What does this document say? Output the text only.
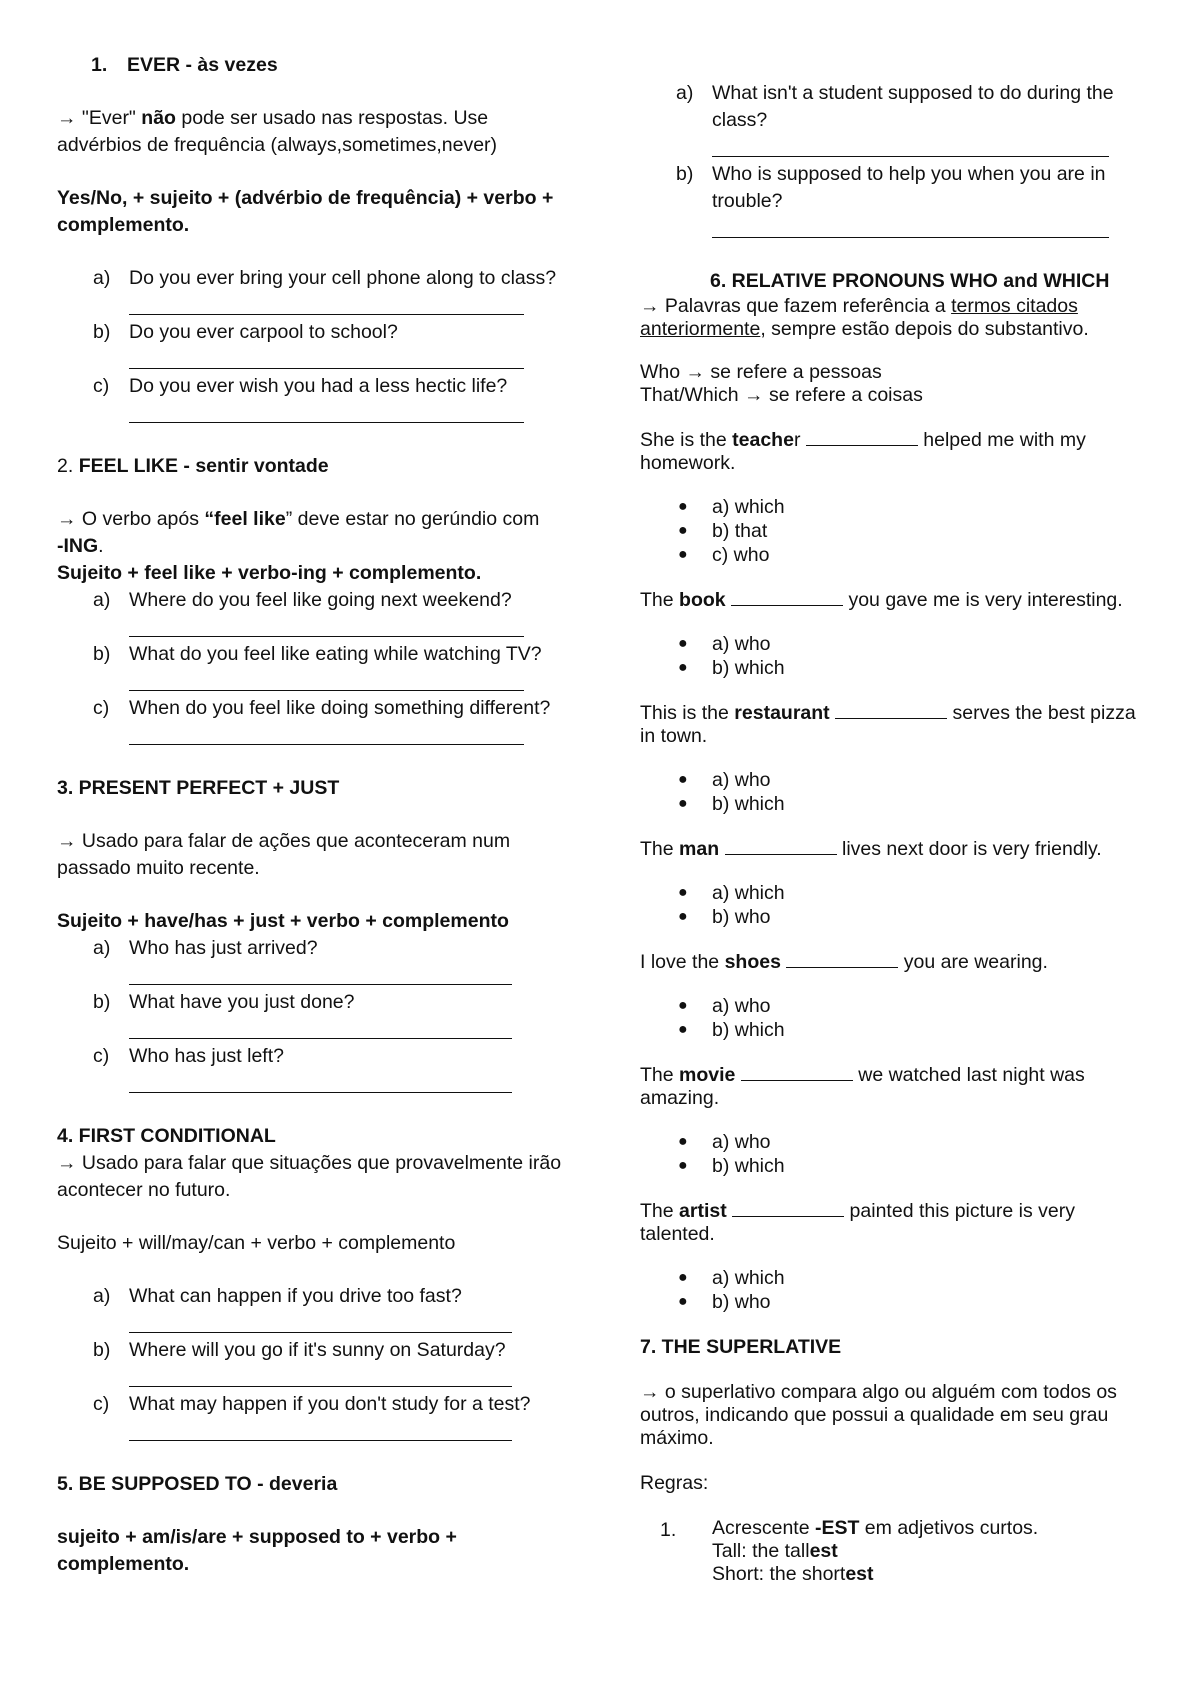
1.	EVER - às vezes

→ "Ever" não pode ser usado nas respostas. Use
advérbios de frequência (always,sometimes,never)

Yes/No, + sujeito + (advérbio de frequência) + verbo + complemento.

a) Do you ever bring your cell phone along to class?
b) Do you ever carpool to school?
c)	Do you ever wish you had a less hectic life?

2. FEEL LIKE - sentir vontade

→ O verbo após “feel like” deve estar no gerúndio com
-ING.

Sujeito + feel like + verbo-ing + complemento.

a) Where do you feel like going next weekend?
b) What do you feel like eating while watching TV?
c)	When do you feel like doing something different?

3. PRESENT PERFECT + JUST

→ Usado para falar de ações que aconteceram num passado muito recente.

Sujeito + have/has + just + verbo + complemento

a) Who has just arrived?
b) What have you just done?
c)	Who has just left?

4. FIRST CONDITIONAL

→ Usado para falar que situações que provavelmente irão acontecer no futuro.

Sujeito + will/may/can + verbo + complemento

a) What can happen if you drive too fast?
b) Where will you go if it's sunny on Saturday?
c)	What may happen if you don't study for a test?

5. BE SUPPOSED TO - deveria

sujeito + am/is/are + supposed to + verbo + complemento.

a) What isn't a student supposed to do during the class?
b) Who is supposed to help you when you are in trouble?

6. RELATIVE PRONOUNS WHO and WHICH

→ Palavras que fazem referência a termos citados anteriormente, sempre estão depois do substantivo.

Who → se refere a pessoas

That/Which → se refere a coisas

She is the teacher	helped me with my homework.

●	a) which
●	b) that
●	c) who

The book	you gave me is very interesting.

●	a) who
●	b) which

This is the restaurant	serves the best pizza in town.

●	a) who
●	b) which

The man	lives next door is very friendly.

●	a) which
●	b) who

I love the shoes	you are wearing.

●	a) who
●	b) which

The movie	we watched last night was amazing.

●	a) who
●	b) which

The artist	painted this picture is very talented.

●	a) which
●	b) who

7. THE SUPERLATIVE

→ o superlativo compara algo ou alguém com todos os outros, indicando que possui a qualidade em seu grau máximo.

Regras:

1.	Acrescente -EST em adjetivos curtos.
Tall: the tallest
Short: the shortest
